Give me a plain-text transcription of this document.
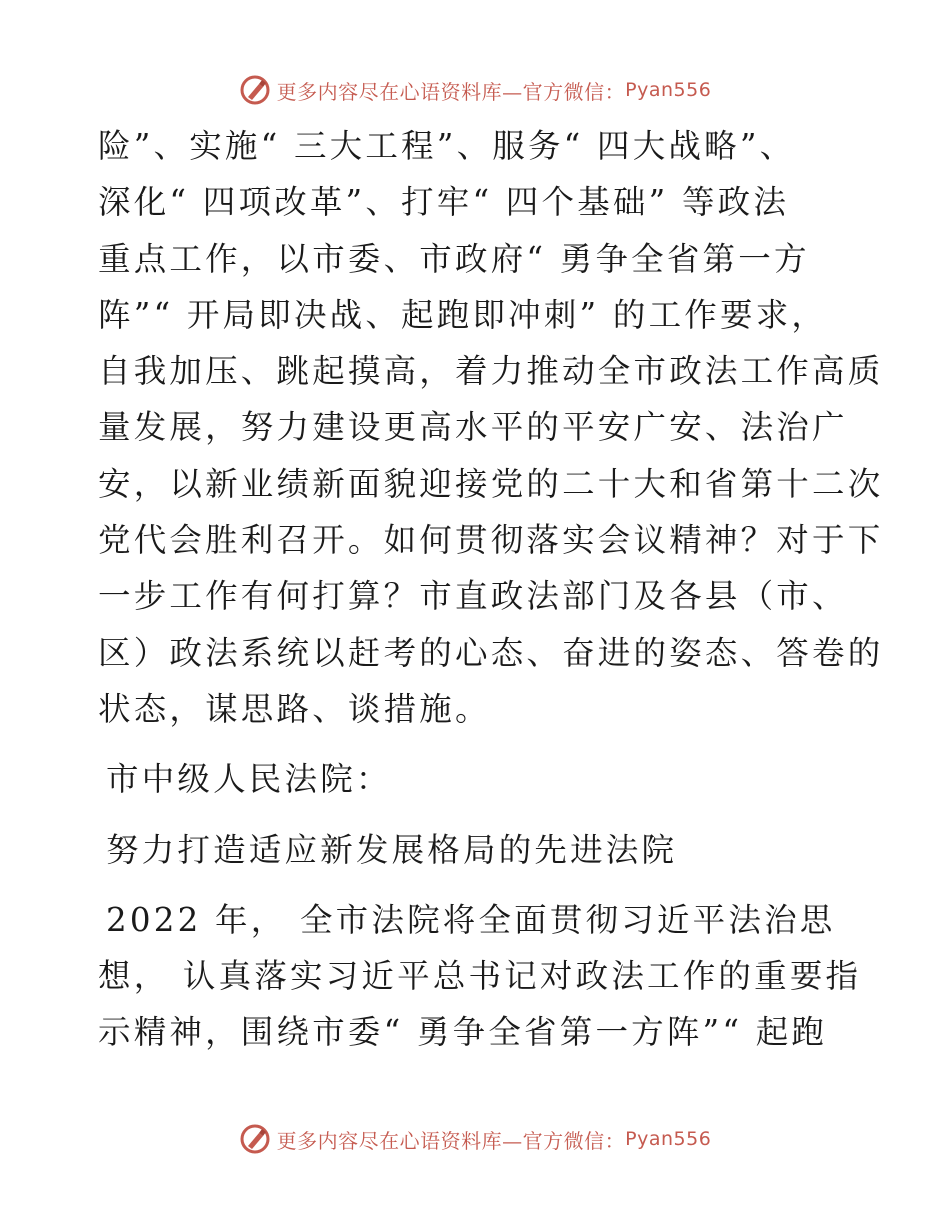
更多内容尽在心语资料库—官方微信： Pyan556
险”、实施“ 三大工程”、服务“ 四大战略”、
深化“ 四项改革”、打牢“ 四个基础” 等政法
重点工作，以市委、市政府“ 勇争全省第一方
阵”“ 开局即决战、起跑即冲刺” 的工作要求，
自我加压、跳起摸高，着力推动全市政法工作高质
量发展，努力建设更高水平的平安广安、法治广
安，以新业绩新面貌迎接党的二十大和省第十二次
党代会胜利召开。如何贯彻落实会议精神？对于下
一步工作有何打算？市直政法部门及各县（市、
区）政法系统以赶考的心态、奋进的姿态、答卷的
状态，谋思路、谈措施。
市中级人民法院：
努力打造适应新发展格局的先进法院
2022 年， 全市法院将全面贯彻习近平法治思
想， 认真落实习近平总书记对政法工作的重要指
示精神，围绕市委“ 勇争全省第一方阵”“ 起跑
更多内容尽在心语资料库—官方微信： Pyan556
